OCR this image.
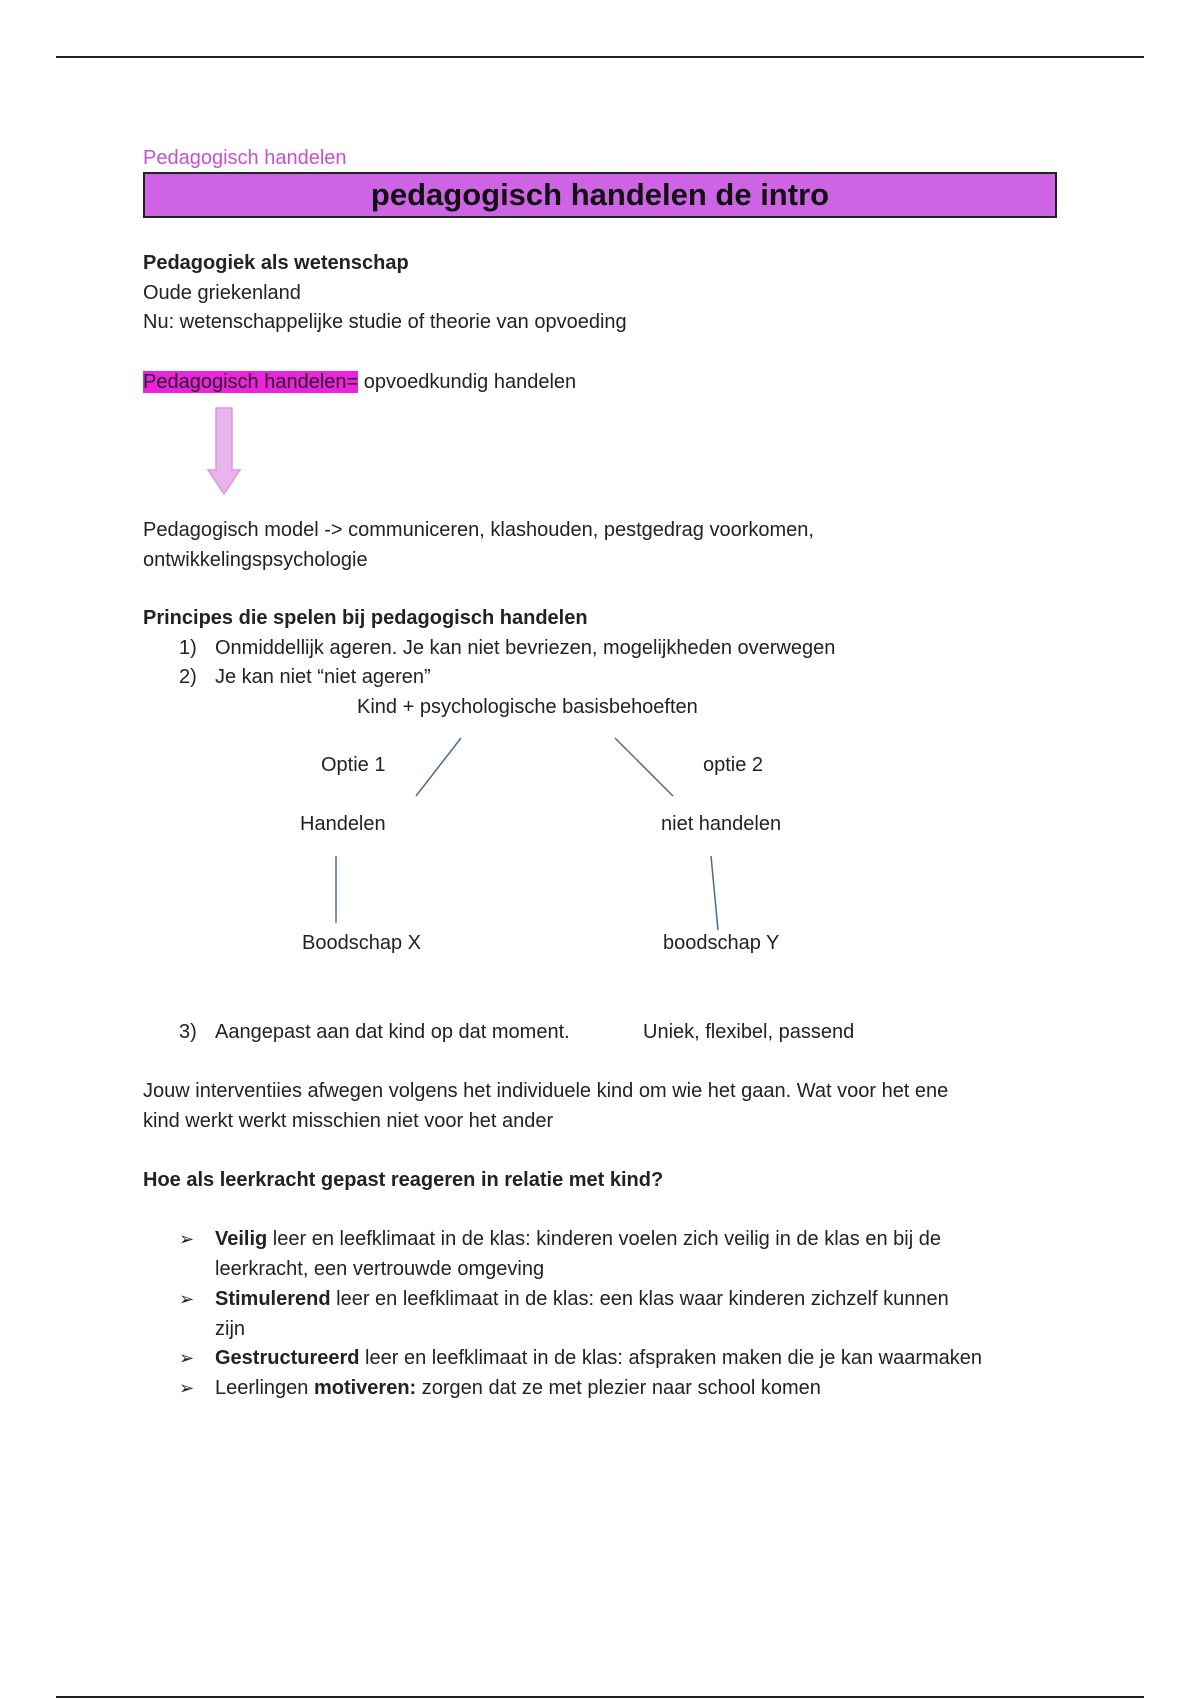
Pedagogisch handelen
pedagogisch handelen de intro
Pedagogiek als wetenschap
Oude griekenland
Nu: wetenschappelijke studie of theorie van opvoeding
Pedagogisch handelen= opvoedkundig handelen
Pedagogisch model -> communiceren, klashouden, pestgedrag voorkomen,
ontwikkelingspsychologie
Principes die spelen bij pedagogisch handelen
1) Onmiddellijk ageren. Je kan niet bevriezen, mogelijkheden overwegen
2) Je kan niet “niet ageren”
Kind + psychologische basisbehoeften
Optie 1	optie 2
Handelen	niet handelen
Boodschap X	boodschap Y
3) Aangepast aan dat kind op dat moment.	Uniek, flexibel, passend
Jouw interventiies afwegen volgens het individuele kind om wie het gaan. Wat voor het ene
kind werkt werkt misschien niet voor het ander
Hoe als leerkracht gepast reageren in relatie met kind?
➢ Veilig leer en leefklimaat in de klas: kinderen voelen zich veilig in de klas en bij de
leerkracht, een vertrouwde omgeving
➢ Stimulerend leer en leefklimaat in de klas: een klas waar kinderen zichzelf kunnen
zijn
➢ Gestructureerd leer en leefklimaat in de klas: afspraken maken die je kan waarmaken
➢ Leerlingen motiveren: zorgen dat ze met plezier naar school komen
